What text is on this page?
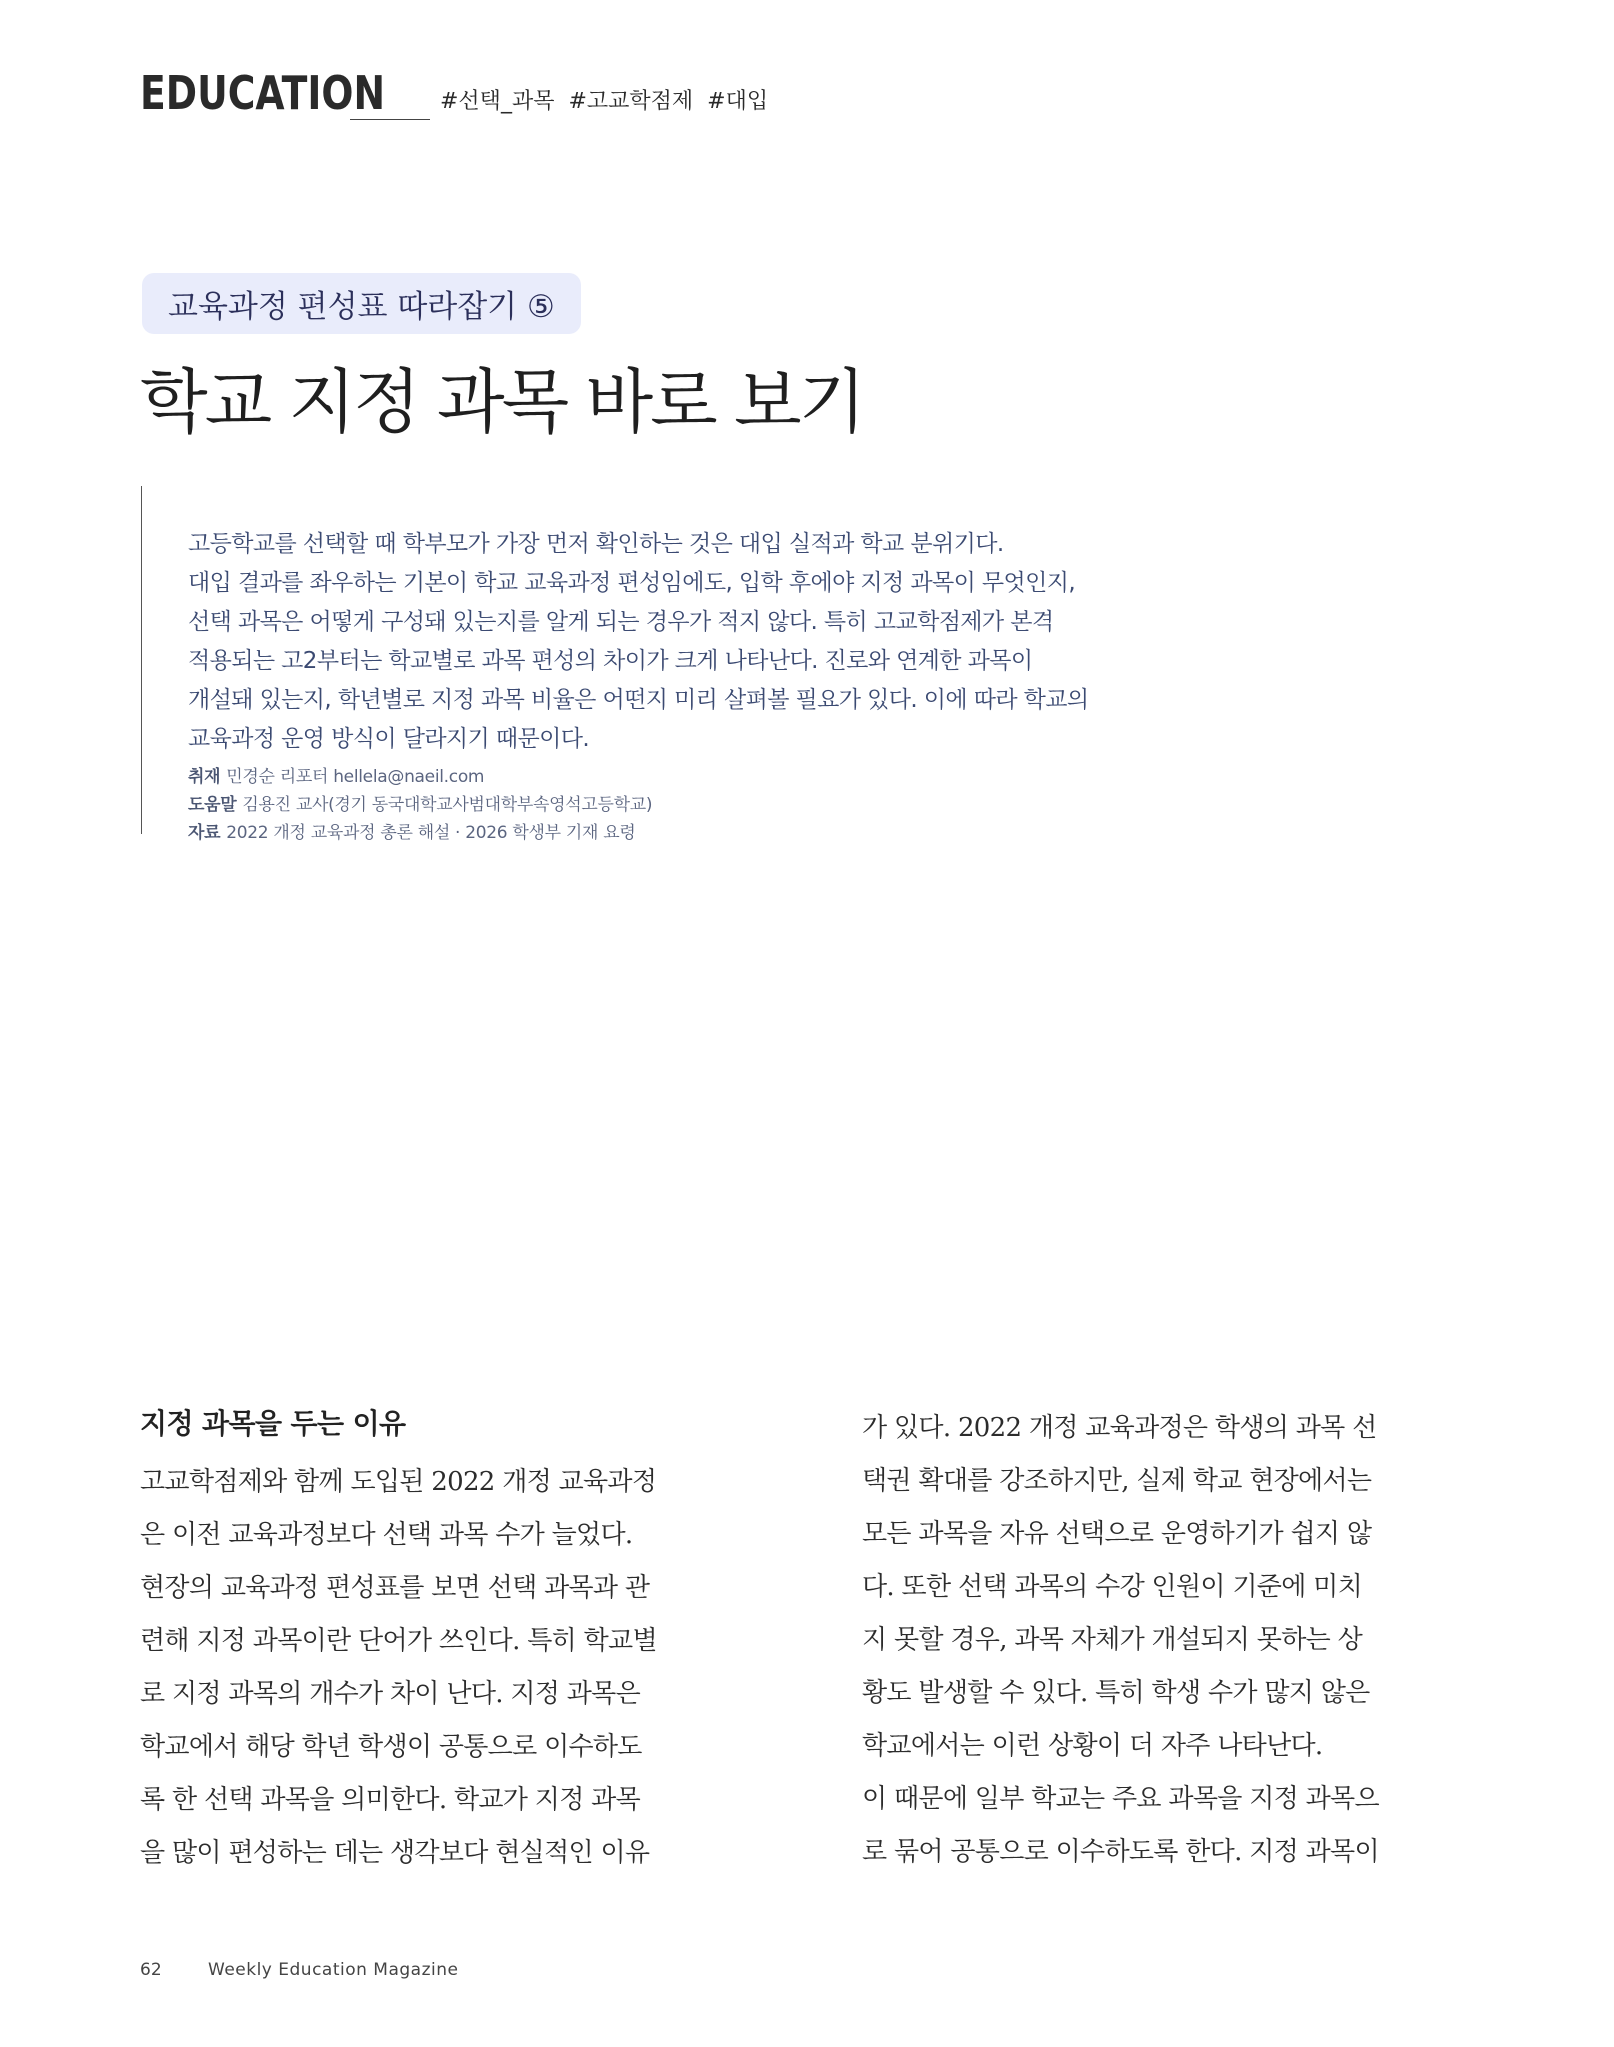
EDUCATION #선택_과목 #고교학점제 #대입
교육과정 편성표 따라잡기 ⑤
학교 지정 과목 바로 보기
고등학교를 선택할 때 학부모가 가장 먼저 확인하는 것은 대입 실적과 학교 분위기다.
대입 결과를 좌우하는 기본이 학교 교육과정 편성임에도, 입학 후에야 지정 과목이 무엇인지,
선택 과목은 어떻게 구성돼 있는지를 알게 되는 경우가 적지 않다. 특히 고교학점제가 본격
적용되는 고2부터는 학교별로 과목 편성의 차이가 크게 나타난다. 진로와 연계한 과목이
개설돼 있는지, 학년별로 지정 과목 비율은 어떤지 미리 살펴볼 필요가 있다. 이에 따라 학교의
교육과정 운영 방식이 달라지기 때문이다.
취재 민경순 리포터 hellela@naeil.com
도움말 김용진 교사(경기 동국대학교사범대학부속영석고등학교)
자료 2022 개정 교육과정 총론 해설 · 2026 학생부 기재 요령
지정 과목을 두는 이유
고교학점제와 함께 도입된 2022 개정 교육과정
은 이전 교육과정보다 선택 과목 수가 늘었다.
현장의 교육과정 편성표를 보면 선택 과목과 관
련해 지정 과목이란 단어가 쓰인다. 특히 학교별
로 지정 과목의 개수가 차이 난다. 지정 과목은
학교에서 해당 학년 학생이 공통으로 이수하도
록 한 선택 과목을 의미한다. 학교가 지정 과목
을 많이 편성하는 데는 생각보다 현실적인 이유
가 있다. 2022 개정 교육과정은 학생의 과목 선
택권 확대를 강조하지만, 실제 학교 현장에서는
모든 과목을 자유 선택으로 운영하기가 쉽지 않
다. 또한 선택 과목의 수강 인원이 기준에 미치
지 못할 경우, 과목 자체가 개설되지 못하는 상
황도 발생할 수 있다. 특히 학생 수가 많지 않은
학교에서는 이런 상황이 더 자주 나타난다.
이 때문에 일부 학교는 주요 과목을 지정 과목으
로 묶어 공통으로 이수하도록 한다. 지정 과목이
62	Weekly Education Magazine
